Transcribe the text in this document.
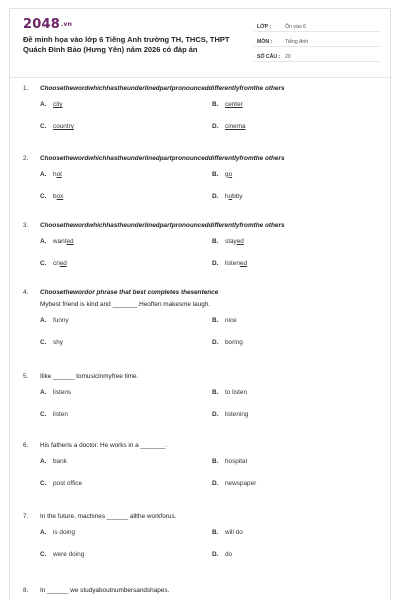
2048.vn
Đề minh họa vào lớp 6 Tiếng Anh trường TH, THCS, THPT Quách Đình Bảo (Hưng Yên) năm 2026 có đáp án
LỚP :	Ôn vào 6
MÔN : Tiếng Anh
SỐ CÂU : 20
1. Choosethewordwhichhastheunderlinedpartpronounceddifferentlyfromthe others
A. city	B. center
C. country	D. cinema
2. Choosethewordwhichhastheunderlinedpartpronounceddifferentlyfromthe others
A. hot	B. go
C. box	D. hobby
3. Choosethewordwhichhastheunderlinedpartpronounceddifferentlyfromthe others
A. wanted	B. stayed
C. cried	D. listened
4. Choosethewordor phrase that best completes thesentence
Mybest friend is kind and _______.Heoften makesme laugh.
A. funny	B. nice
C. shy	D. boring
5. Ilike ______ tomusicinmyfree time.
A. listens	B. to listen
C. listen	D. listening
6. His fatheris a doctor. He works in a _______.
A. bank	B. hospital
C. post office	D. newspaper
7. In the future, machines ______ allthe workforus.
A. is doing	B. will do
C. were doing	D. do
8. In ______ we studyaboutnumbersandshapes.
